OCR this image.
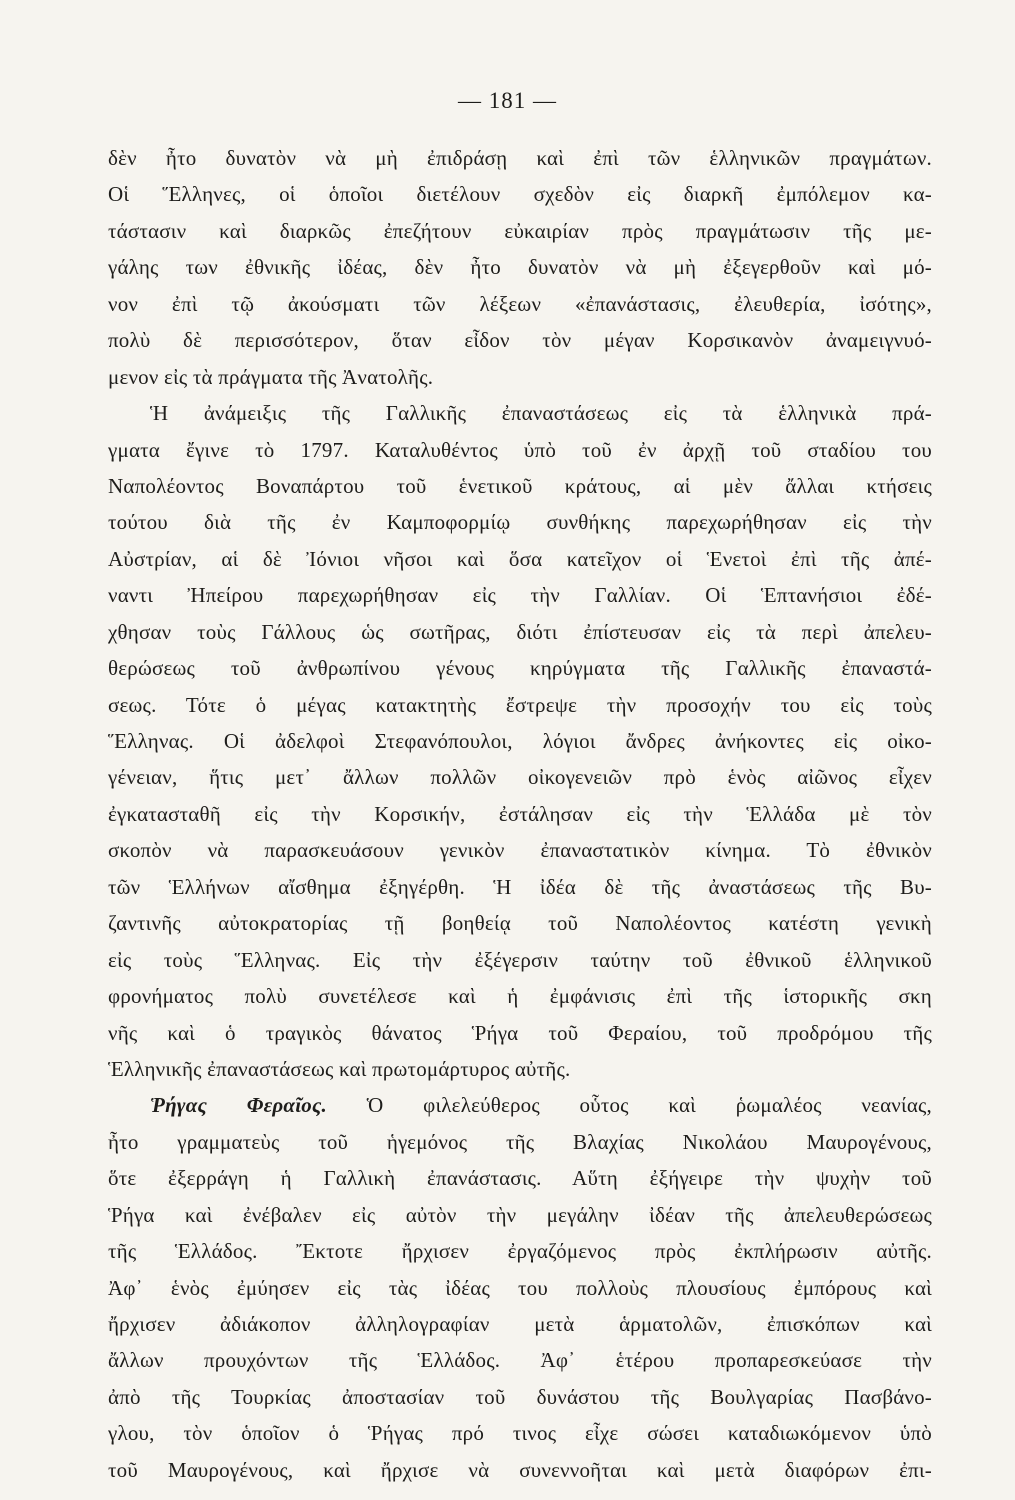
— 181 —
δὲν ἦτο δυνατὸν νὰ μὴ ἐπιδράσῃ καὶ ἐπὶ τῶν ἑλληνικῶν πραγμάτων.
Οἱ Ἕλληνες, οἱ ὁποῖοι διετέλουν σχεδὸν εἰς διαρκῆ ἐμπόλεμον κα-
τάστασιν καὶ διαρκῶς ἐπεζήτουν εὐκαιρίαν πρὸς πραγμάτωσιν τῆς με-
γάλης των ἐθνικῆς ἰδέας, δὲν ἦτο δυνατὸν νὰ μὴ ἐξεγερθοῦν καὶ μό-
νον ἐπὶ τῷ ἀκούσματι τῶν λέξεων «ἐπανάστασις, ἐλευθερία, ἰσότης»,
πολὺ δὲ περισσότερον, ὅταν εἶδον τὸν μέγαν Κορσικανὸν ἀναμειγνυό-
μενον εἰς τὰ πράγματα τῆς Ἀνατολῆς.
Ἡ ἀνάμειξις τῆς Γαλλικῆς ἐπαναστάσεως εἰς τὰ ἑλληνικὰ πρά-
γματα ἔγινε τὸ 1797. Καταλυθέντος ὑπὸ τοῦ ἐν ἀρχῇ τοῦ σταδίου του
Ναπολέοντος Βοναπάρτου τοῦ ἑνετικοῦ κράτους, αἱ μὲν ἄλλαι κτήσεις
τούτου διὰ τῆς ἐν Καμποφορμίῳ συνθήκης παρεχωρήθησαν εἰς τὴν
Αὐστρίαν, αἱ δὲ Ἰόνιοι νῆσοι καὶ ὅσα κατεῖχον οἱ Ἑνετοὶ ἐπὶ τῆς ἀπέ-
ναντι Ἠπείρου παρεχωρήθησαν εἰς τὴν Γαλλίαν. Οἱ Ἑπτανήσιοι ἐδέ-
χθησαν τοὺς Γάλλους ὡς σωτῆρας, διότι ἐπίστευσαν εἰς τὰ περὶ ἀπελευ-
θερώσεως τοῦ ἀνθρωπίνου γένους κηρύγματα τῆς Γαλλικῆς ἐπαναστά-
σεως. Τότε ὁ μέγας κατακτητὴς ἔστρεψε τὴν προσοχήν του εἰς τοὺς
Ἕλληνας. Οἱ ἀδελφοὶ Στεφανόπουλοι, λόγιοι ἄνδρες ἀνήκοντες εἰς οἰκο-
γένειαν, ἥτις μετ᾽ ἄλλων πολλῶν οἰκογενειῶν πρὸ ἑνὸς αἰῶνος εἶχεν
ἐγκατασταθῆ εἰς τὴν Κορσικήν, ἐστάλησαν εἰς τὴν Ἑλλάδα μὲ τὸν
σκοπὸν νὰ παρασκευάσουν γενικὸν ἐπαναστατικὸν κίνημα. Τὸ ἐθνικὸν
τῶν Ἑλλήνων αἴσθημα ἐξηγέρθη. Ἡ ἰδέα δὲ τῆς ἀναστάσεως τῆς Βυ-
ζαντινῆς αὐτοκρατορίας τῇ βοηθείᾳ τοῦ Ναπολέοντος κατέστη γενικὴ
εἰς τοὺς Ἕλληνας. Εἰς τὴν ἐξέγερσιν ταύτην τοῦ ἐθνικοῦ ἑλληνικοῦ
φρονήματος πολὺ συνετέλεσε καὶ ἡ ἐμφάνισις ἐπὶ τῆς ἱστορικῆς σκη
νῆς καὶ ὁ τραγικὸς θάνατος Ῥήγα τοῦ Φεραίου, τοῦ προδρόμου τῆς
Ἑλληνικῆς ἐπαναστάσεως καὶ πρωτομάρτυρος αὐτῆς.
Ῥήγας Φεραῖος. Ὁ φιλελεύθερος οὗτος καὶ ῥωμαλέος νεανίας,
ἦτο γραμματεὺς τοῦ ἡγεμόνος τῆς Βλαχίας Νικολάου Μαυρογένους,
ὅτε ἐξερράγη ἡ Γαλλικὴ ἐπανάστασις. Αὕτη ἐξήγειρε τὴν ψυχὴν τοῦ
Ῥήγα καὶ ἐνέβαλεν εἰς αὐτὸν τὴν μεγάλην ἰδέαν τῆς ἀπελευθερώσεως
τῆς Ἑλλάδος. Ἔκτοτε ἤρχισεν ἐργαζόμενος πρὸς ἐκπλήρωσιν αὐτῆς.
Ἀφ᾽ ἑνὸς ἐμύησεν εἰς τὰς ἰδέας του πολλοὺς πλουσίους ἐμπόρους καὶ
ἤρχισεν ἀδιάκοπον ἀλληλογραφίαν μετὰ ἁρματολῶν, ἐπισκόπων καὶ
ἄλλων προυχόντων τῆς Ἑλλάδος. Ἀφ᾽ ἑτέρου προπαρεσκεύασε τὴν
ἀπὸ τῆς Τουρκίας ἀποστασίαν τοῦ δυνάστου τῆς Βουλγαρίας Πασβάνο-
γλου, τὸν ὁποῖον ὁ Ῥήγας πρό τινος εἶχε σώσει καταδιωκόμενον ὑπὸ
τοῦ Μαυρογένους, καὶ ἤρχισε νὰ συνεννοῆται καὶ μετὰ διαφόρων ἐπι-
